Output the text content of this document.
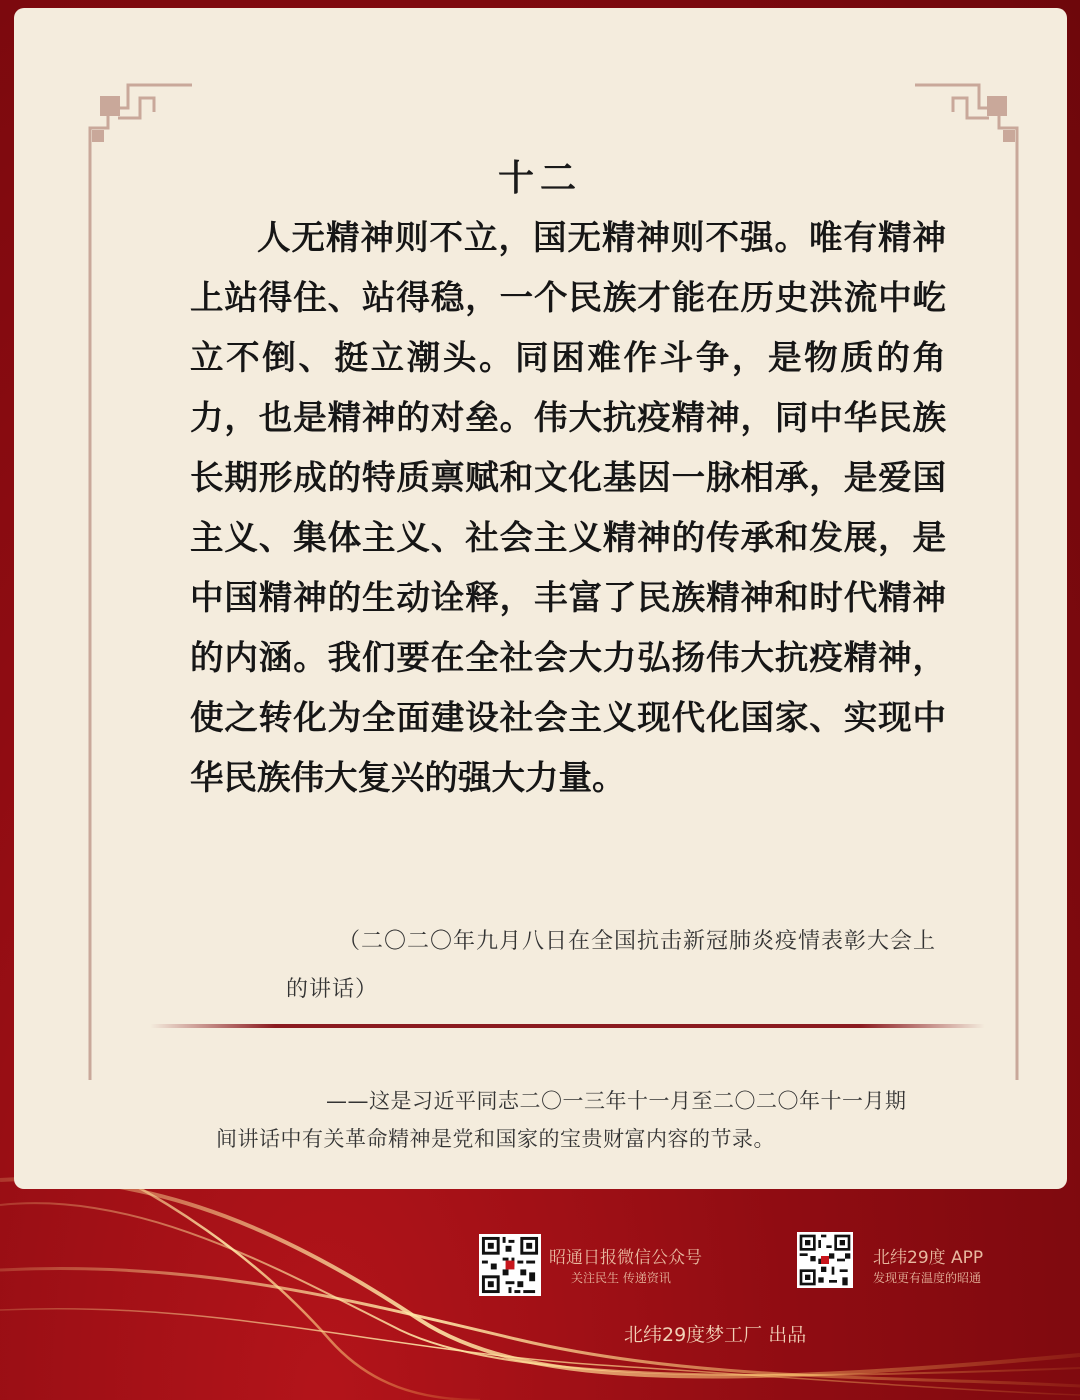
十二

人无精神则不立，国无精神则不强。唯有精神上站得住、站得稳，一个民族才能在历史洪流中屹立不倒、挺立潮头。同困难作斗争，是物质的角力，也是精神的对垒。伟大抗疫精神，同中华民族长期形成的特质禀赋和文化基因一脉相承，是爱国主义、集体主义、社会主义精神的传承和发展，是中国精神的生动诠释，丰富了民族精神和时代精神的内涵。我们要在全社会大力弘扬伟大抗疫精神，使之转化为全面建设社会主义现代化国家、实现中华民族伟大复兴的强大力量。

（二〇二〇年九月八日在全国抗击新冠肺炎疫情表彰大会上的讲话）

——这是习近平同志二〇一三年十一月至二〇二〇年十一月期间讲话中有关革命精神是党和国家的宝贵财富内容的节录。

昭通日报微信公众号
关注民生 传递资讯
北纬29度 APP
发现更有温度的昭通
北纬29度梦工厂 出品
